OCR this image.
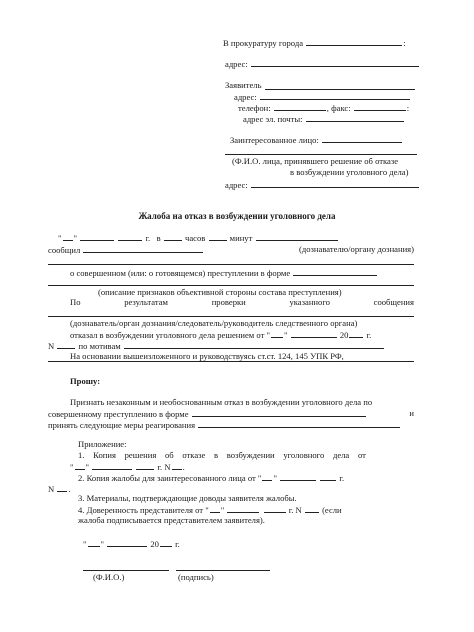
В прокуратуру города	:
адрес:
Заявитель
адрес:
телефон:	, факс:	:
адрес эл. почты:
Заинтересованное лицо:
(Ф.И.О. лица, принявшего решение об отказе
в возбуждении уголовного дела)
адрес:
Жалоба на отказ в возбуждении уголовного дела
" "	г. в	часов	минут
сообщил	(дознавателю/органу дознания)
о совершенном (или: о готовящемся) преступлении в форме
(описание признаков объективной стороны состава преступления)
По	результатам	проверки	указанного	сообщения
(дознаватель/орган дознания/следователь/руководитель следственного органа)
отказал в возбуждении уголовного дела решением от " "	20 г.
N	по мотивам
На основании вышеизложенного и руководствуясь ст.ст. 124, 145 УПК РФ,
Прошу:
Признать незаконным и необоснованным отказ в возбуждении уголовного дела по
совершенному преступлению в форме	и
принять следующие меры реагирования
Приложение:
1. Копия решения об отказе в возбуждении уголовного дела от
" "	г. N .
2. Копия жалобы для заинтересованного лица от " "	г.
N .
3. Материалы, подтверждающие доводы заявителя жалобы.
4. Доверенность представителя от " "	г. N (если
жалоба подписывается представителем заявителя).
" "	20 г.
(Ф.И.О.)	(подпись)
